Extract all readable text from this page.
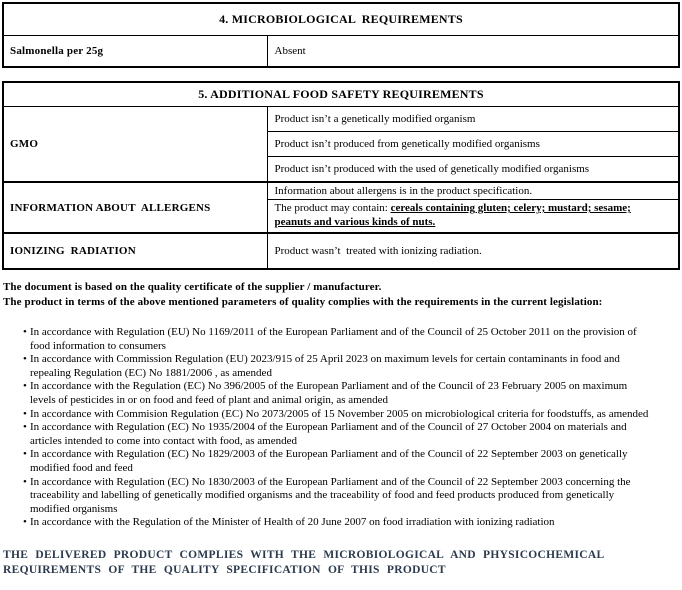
4. MICROBIOLOGICAL  REQUIREMENTS
Salmonella per 25g	Absent
5. ADDITIONAL FOOD SAFETY REQUIREMENTS	
GMO	Product isn’t a genetically modified organism
	Product isn’t produced from genetically modified organisms
	Product isn’t produced with the used of genetically modified organisms
INFORMATION ABOUT  ALLERGENS	Information about allergens is in the product specification.

	The product may contain: cereals containing gluten; celery; mustard; sesame; peanuts and various kinds of nuts.

IONIZING  RADIATION	Product wasn’t  treated with ionizing radiation.
The document is based on the quality certificate of the supplier / manufacturer.
The product in terms of the above mentioned parameters of quality complies with the requirements in the current legislation:
• In accordance with Regulation (EU) No 1169/2011 of the European Parliament and of the Council of 25 October 2011 on the provision of food information to consumers
• In accordance with Commission Regulation (EU) 2023/915 of 25 April 2023 on maximum levels for certain contaminants in food and repealing Regulation (EC) No 1881/2006 , as amended
• In accordance with the Regulation (EC) No 396/2005 of the European Parliament and of the Council of 23 February 2005 on maximum levels of pesticides in or on food and feed of plant and animal origin, as amended
• In accordance with Commision Regulation (EC) No 2073/2005 of 15 November 2005 on microbiological criteria for foodstuffs, as amended
• In accordance with Regulation (EC) No 1935/2004 of the European Parliament and of the Council of 27 October 2004 on materials and articles intended to come into contact with food, as amended
• In accordance with Regulation (EC) No 1829/2003 of the European Parliament and of the Council of 22 September 2003 on genetically modified food and feed
• In accordance with Regulation (EC) No 1830/2003 of the European Parliament and of the Council of 22 September 2003 concerning the traceability and labelling of genetically modified organisms and the traceability of food and feed products produced from genetically modified organisms
• In accordance with the Regulation of the Minister of Health of 20 June 2007 on food irradiation with ionizing radiation
THE DELIVERED PRODUCT COMPLIES WITH THE MICROBIOLOGICAL AND PHYSICOCHEMICAL
REQUIREMENTS OF THE QUALITY SPECIFICATION OF THIS PRODUCT
